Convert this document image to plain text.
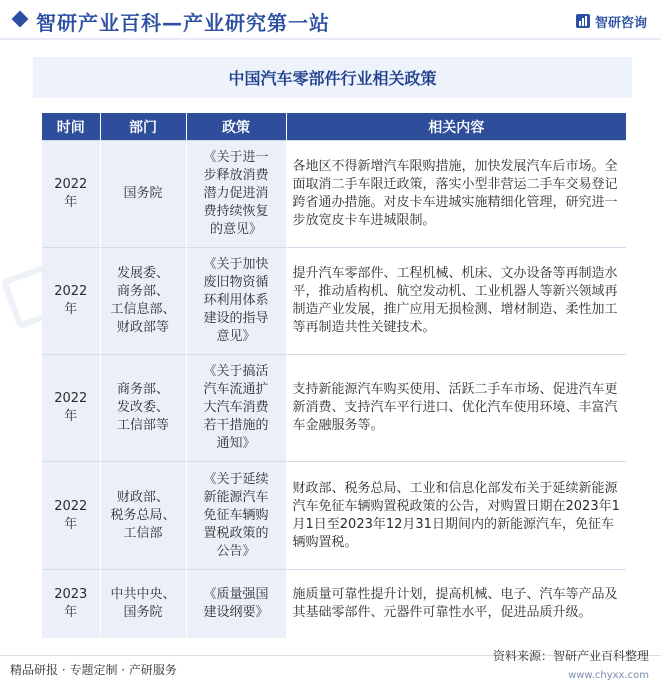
智研产业百科—产业研究第一站	智研咨询
中国汽车零部件行业相关政策
时间	部门	政策	相关内容
2022
年	国务院	《关于进一
步释放消费
潜力促进消
费持续恢复
的意见》	各地区不得新增汽车限购措施，加快发展汽车后市场。全面取消二手车限迁政策，落实小型非营运二手车交易登记跨省通办措施。对皮卡车进城实施精细化管理，研究进一步放宽皮卡车进城限制。
2022
年	发展委、
商务部、
工信息部、
财政部等	《关于加快
废旧物资循
环利用体系
建设的指导
意见》	提升汽车零部件、工程机械、机床、文办设备等再制造水平，推动盾构机、航空发动机、工业机器人等新兴领域再制造产业发展，推广应用无损检测、增材制造、柔性加工等再制造共性关键技术。
2022
年	商务部、
发改委、
工信部等	《关于搞活
汽车流通扩
大汽车消费
若干措施的
通知》	支持新能源汽车购买使用、活跃二手车市场、促进汽车更新消费、支持汽车平行进口、优化汽车使用环境、丰富汽车金融服务等。
2022
年	财政部、
税务总局、
工信部	《关于延续
新能源汽车
免征车辆购
置税政策的
公告》	财政部、税务总局、工业和信息化部发布关于延续新能源汽车免征车辆购置税政策的公告，对购置日期在2023年1月1日至2023年12月31日期间内的新能源汽车，免征车辆购置税。
2023
年	中共中央、
国务院	《质量强国
建设纲要》	施质量可靠性提升计划，提高机械、电子、汽车等产品及其基础零部件、元器件可靠性水平，促进品质升级。
精品研报 · 专题定制 · 产研服务
资料来源：智研产业百科整理
www.chyxx.com
